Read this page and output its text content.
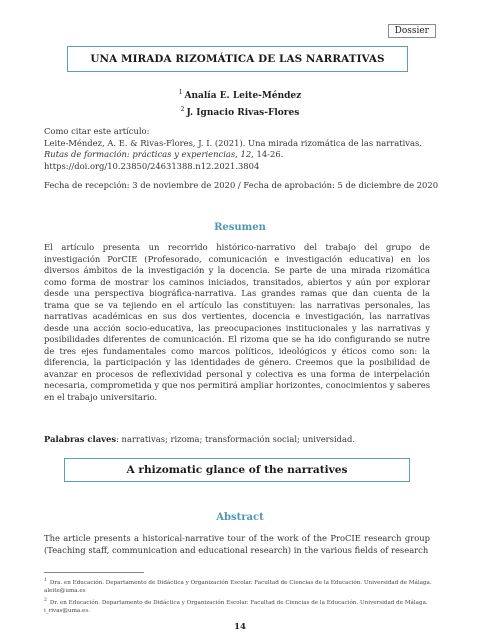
Dossier
UNA MIRADA RIZOMÁTICA DE LAS NARRATIVAS
$^1$ Analía E. Leite-Méndez
$^2$ J. Ignacio Rivas-Flores
Como citar este artículo:
Leite-Méndez, A. E. & Rivas-Flores, J. I. (2021). Una mirada rizomática de las narrativas. Rutas de formación: prácticas y experiencias, 12, 14-26. https://doi.org/10.23850/24631388.n12.2021.3804
Fecha de recepción: 3 de noviembre de 2020 / Fecha de aprobación: 5 de diciembre de 2020
Resumen
El artículo presenta un recorrido histórico-narrativo del trabajo del grupo de investigación PorCIE (Profesorado, comunicación e investigación educativa) en los diversos ámbitos de la investigación y la docencia. Se parte de una mirada rizomática como forma de mostrar los caminos iniciados, transitados, abiertos y aún por explorar desde una perspectiva biográfica-narrativa. Las grandes ramas que dan cuenta de la trama que se va tejiendo en el artículo las constituyen: las narrativas personales, las narrativas académicas en sus dos vertientes, docencia e investigación, las narrativas desde una acción socio-educativa, las preocupaciones institucionales y las narrativas y posibilidades diferentes de comunicación. El rizoma que se ha ido configurando se nutre de tres ejes fundamentales como marcos políticos, ideológicos y éticos como son: la diferencia, la participación y las identidades de género. Creemos que la posibilidad de avanzar en procesos de reflexividad personal y colectiva es una forma de interpelación necesaria, comprometida y que nos permitirá ampliar horizontes, conocimientos y saberes en el trabajo universitario.
Palabras claves: narrativas; rizoma; transformación social; universidad.
A rhizomatic glance of the narratives
Abstract
The article presents a historical-narrative tour of the work of the ProCIE research group (Teaching staff, communication and educational research) in the various fields of research
$^1$ Dra. en Educación. Departamento de Didáctica y Organización Escolar. Facultad de Ciencias de la Educación. Universidad de Málaga. aleite@uma.es
$^2$ Dr. en Educación. Departamento de Didáctica y Organización Escolar. Facultad de Ciencias de la Educación. Universidad de Málaga. i_rivas@uma.es.
14
